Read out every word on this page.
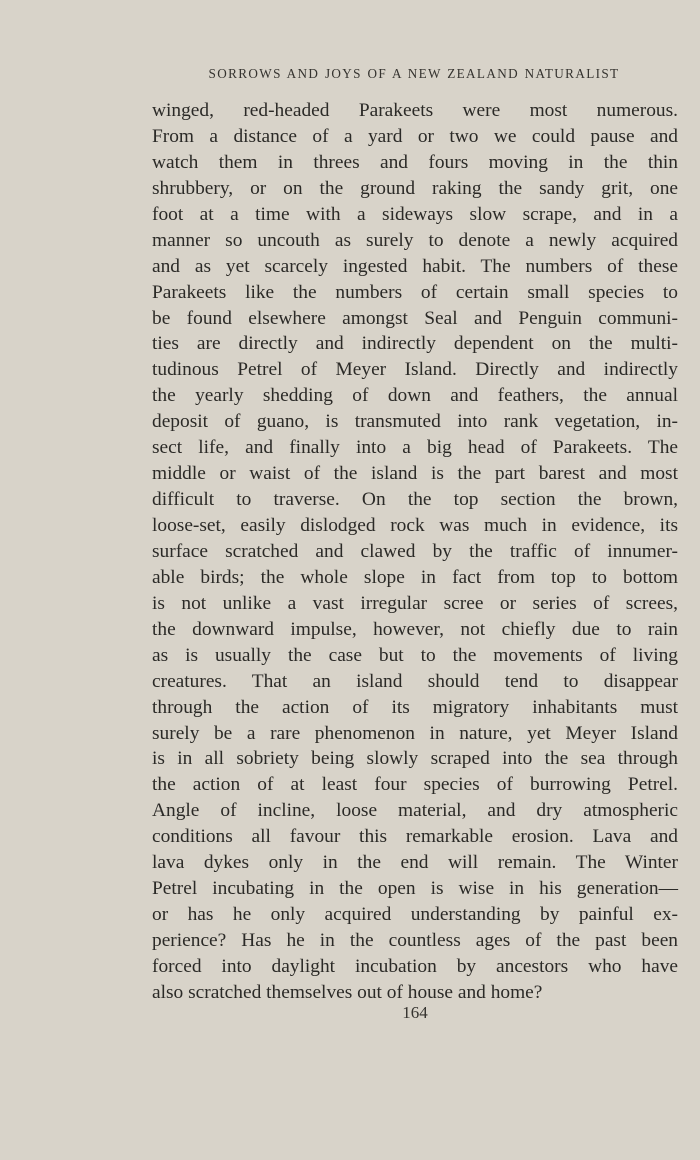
SORROWS AND JOYS OF A NEW ZEALAND NATURALIST
winged, red-headed Parakeets were most numerous.
From a distance of a yard or two we could pause and
watch them in threes and fours moving in the thin
shrubbery, or on the ground raking the sandy grit, one
foot at a time with a sideways slow scrape, and in a
manner so uncouth as surely to denote a newly acquired
and as yet scarcely ingested habit. The numbers of these
Parakeets like the numbers of certain small species to
be found elsewhere amongst Seal and Penguin communi-
ties are directly and indirectly dependent on the multi-
tudinous Petrel of Meyer Island. Directly and indirectly
the yearly shedding of down and feathers, the annual
deposit of guano, is transmuted into rank vegetation, in-
sect life, and finally into a big head of Parakeets. The
middle or waist of the island is the part barest and most
difficult to traverse. On the top section the brown,
loose-set, easily dislodged rock was much in evidence, its
surface scratched and clawed by the traffic of innumer-
able birds; the whole slope in fact from top to bottom
is not unlike a vast irregular scree or series of screes,
the downward impulse, however, not chiefly due to rain
as is usually the case but to the movements of living
creatures. That an island should tend to disappear
through the action of its migratory inhabitants must
surely be a rare phenomenon in nature, yet Meyer Island
is in all sobriety being slowly scraped into the sea through
the action of at least four species of burrowing Petrel.
Angle of incline, loose material, and dry atmospheric
conditions all favour this remarkable erosion. Lava and
lava dykes only in the end will remain. The Winter
Petrel incubating in the open is wise in his generation—
or has he only acquired understanding by painful ex-
perience? Has he in the countless ages of the past been
forced into daylight incubation by ancestors who have
also scratched themselves out of house and home?
164
